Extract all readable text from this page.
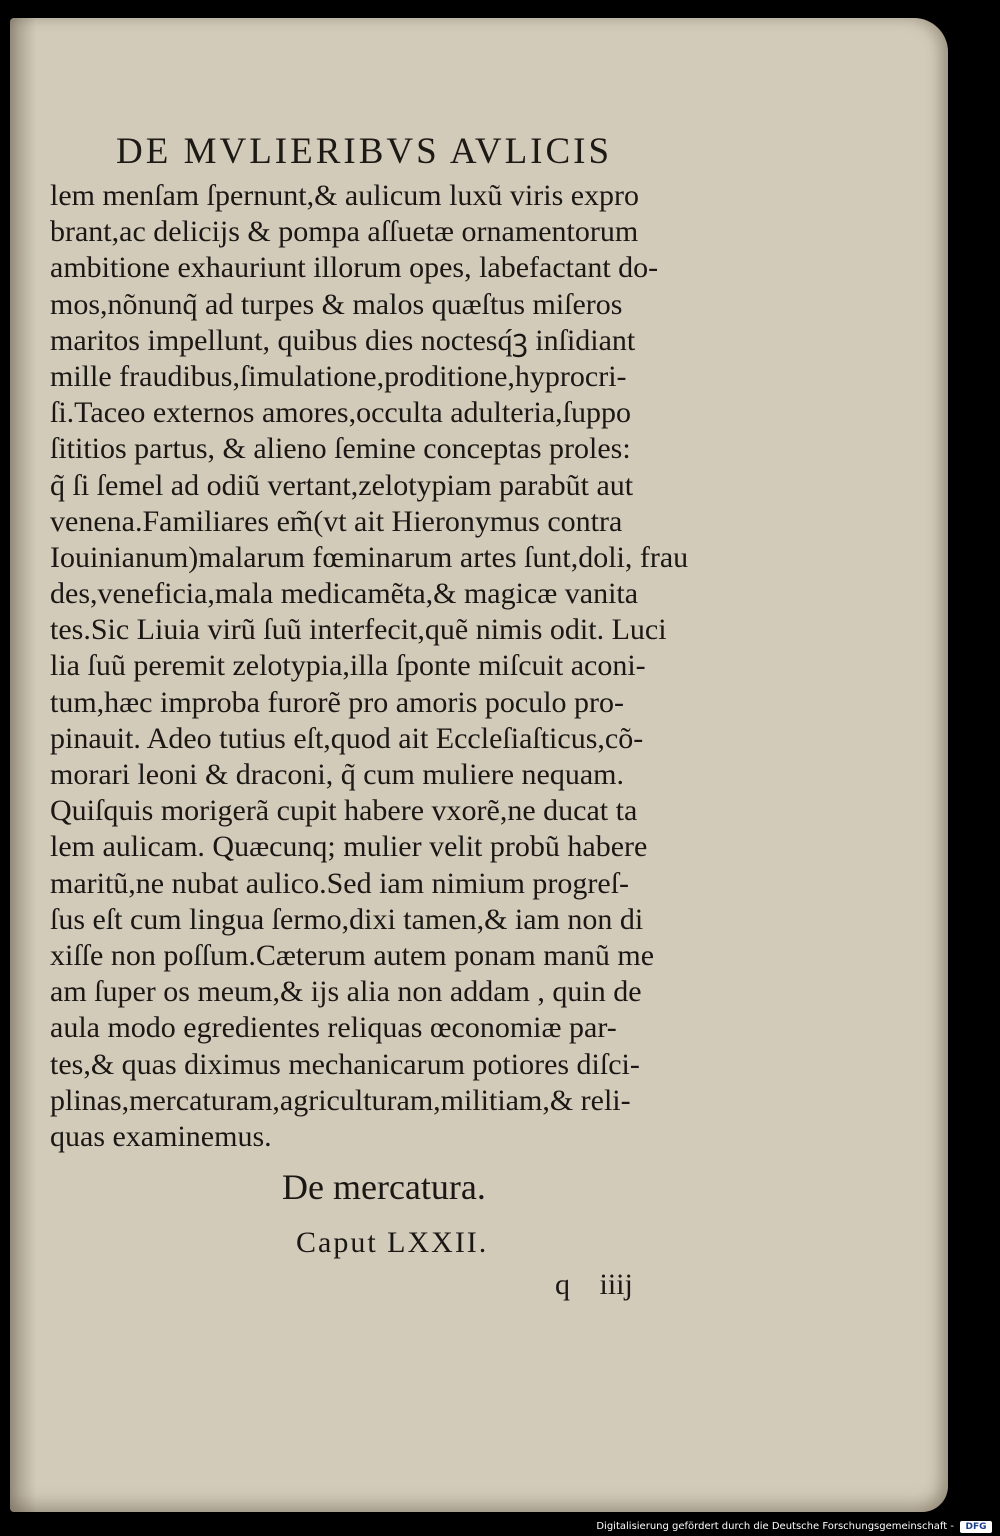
DE MVLIERIBVS AVLICIS
lem menſam ſpernunt,& aulicum luxũ viris expro
brant,ac delicijs & pompa aſſuetæ ornamentorum
ambitione exhauriunt illorum opes, labefactant do-
mos,nõnunq̃ ad turpes & malos quæſtus miſeros
maritos impellunt, quibus dies noctesq́ꝫ inſidiant
mille fraudibus,ſimulatione,proditione,hyprocri-
ſi.Taceo externos amores,occulta adulteria,ſuppo
ſititios partus, & alieno ſemine conceptas proles:
q̃ ſi ſemel ad odiũ vertant,zelotypiam parabũt aut
venena.Familiares em̃(vt ait Hieronymus contra
Iouinianum)malarum fœminarum artes ſunt,doli, frau
des,veneficia,mala medicamẽta,& magicæ vanita
tes.Sic Liuia virũ ſuũ interfecit,quẽ nimis odit. Luci
lia ſuũ peremit zelotypia,illa ſponte miſcuit aconi-
tum,hæc improba furorẽ pro amoris poculo pro-
pinauit. Adeo tutius eſt,quod ait Eccleſiaſticus,cõ-
morari leoni & draconi, q̃ cum muliere nequam.
Quiſquis morigerã cupit habere vxorẽ,ne ducat ta
lem aulicam. Quæcunq; mulier velit probũ habere
maritũ,ne nubat aulico.Sed iam nimium progreſ-
ſus eſt cum lingua ſermo,dixi tamen,& iam non di
xiſſe non poſſum.Cæterum autem ponam manũ me
am ſuper os meum,& ijs alia non addam , quin de
aula modo egredientes reliquas œconomiæ par-
tes,& quas diximus mechanicarum potiores diſci-
plinas,mercaturam,agriculturam,militiam,& reli-
quas examinemus.
De mercatura.
Caput LXXII.
q iiij
Digitalisierung gefördert durch die Deutsche Forschungsgemeinschaft -	DFG
